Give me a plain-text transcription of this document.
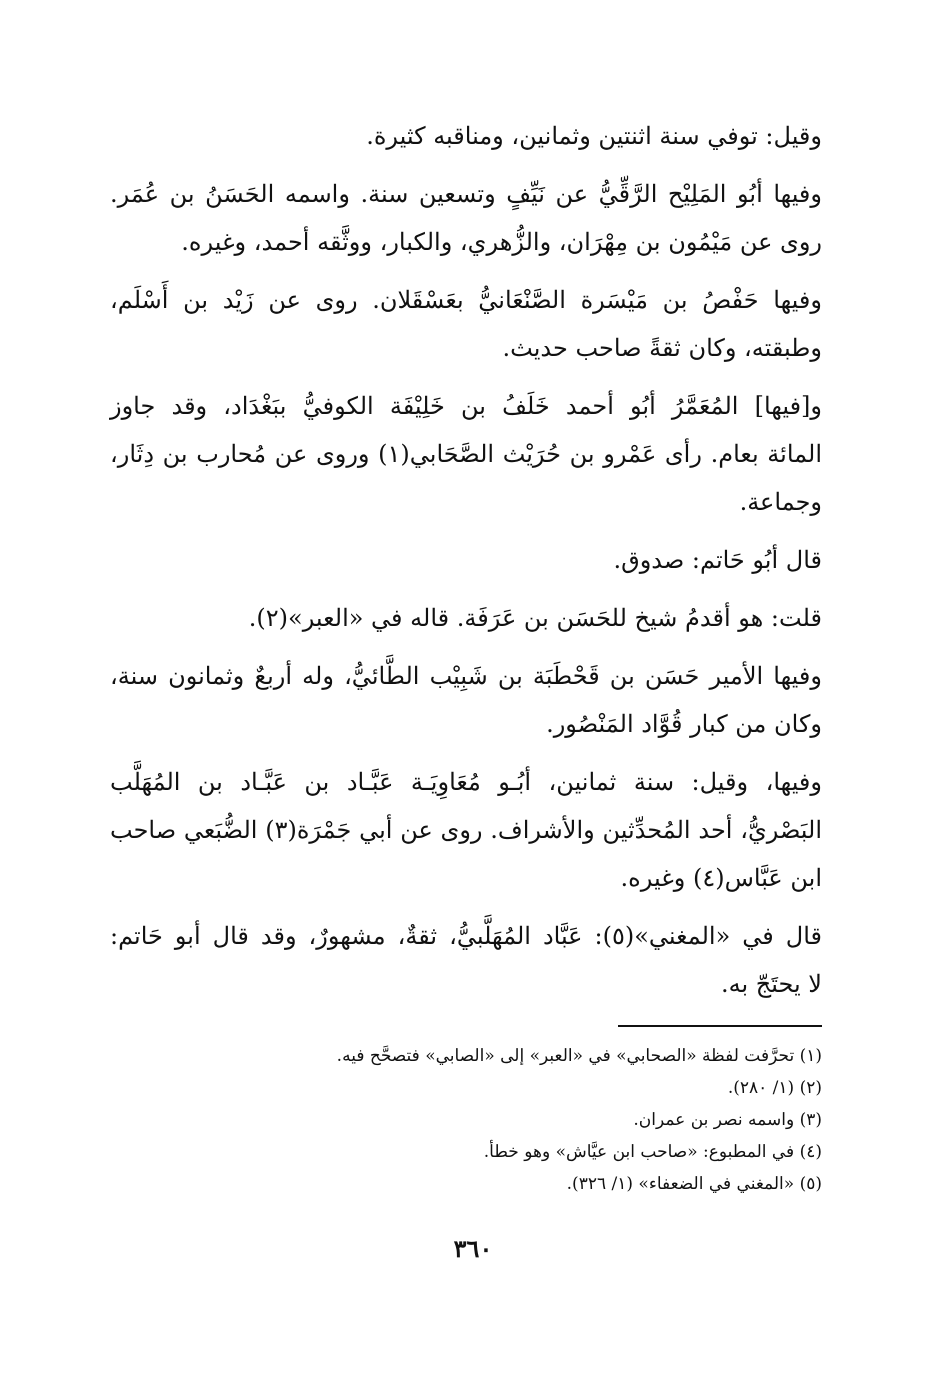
وقيل: توفي سنة اثنتين وثمانين، ومناقبه كثيرة.
وفيها أبُو المَلِيْح الرَّقِّيُّ عن نَيِّفٍ وتسعين سنة. واسمه الحَسَنُ بن عُمَر.
روى عن مَيْمُون بن مِهْرَان، والزُّهري، والكبار، ووثَّقه أحمد، وغيره.
وفيها حَفْصُ بن مَيْسَرة الصَّنْعَانيُّ بعَسْقَلان. روى عن زَيْد بن أَسْلَم،
وطبقته، وكان ثقةً صاحب حديث.
و[فيها] المُعَمَّرُ أبُو أحمد خَلَفُ بن خَلِيْفَة الكوفيُّ ببَغْدَاد، وقد جاوز
المائة بعام. رأى عَمْرو بن حُرَيْث الصَّحَابي(١) وروى عن مُحارب بن دِثَار،
وجماعة.
قال أبُو حَاتم: صدوق.
قلت: هو أقدمُ شيخ للحَسَن بن عَرَفَة. قاله في «العبر»(٢).
وفيها الأمير حَسَن بن قَحْطَبَة بن شَبِيْب الطَّائيُّ، وله أربعٌ وثمانون سنة،
وكان من كبار قُوَّاد المَنْصُور.
وفيها، وقيل: سنة ثمانين، أبُـو مُعَاوِيَـة عَبَّـاد بن عَبَّـاد بن المُهَلَّب
البَصْريُّ، أحد المُحدِّثين والأشراف. روى عن أبي جَمْرَة(٣) الضُّبَعي صاحب
ابن عَبَّاس(٤) وغيره.
قال في «المغني»(٥): عَبَّاد المُهَلَّبيُّ، ثقةٌ، مشهورٌ، وقد قال أبو حَاتم:
لا يحتَجّ به.
(١) تحرَّفت لفظة «الصحابي» في «العبر» إلى «الصابي» فتصحَّح فيه.
(٢) (١/ ٢٨٠).
(٣) واسمه نصر بن عمران.
(٤) في المطبوع: «صاحب ابن عيَّاش» وهو خطأ.
(٥) «المغني في الضعفاء» (١/ ٣٢٦).
٣٦٠
